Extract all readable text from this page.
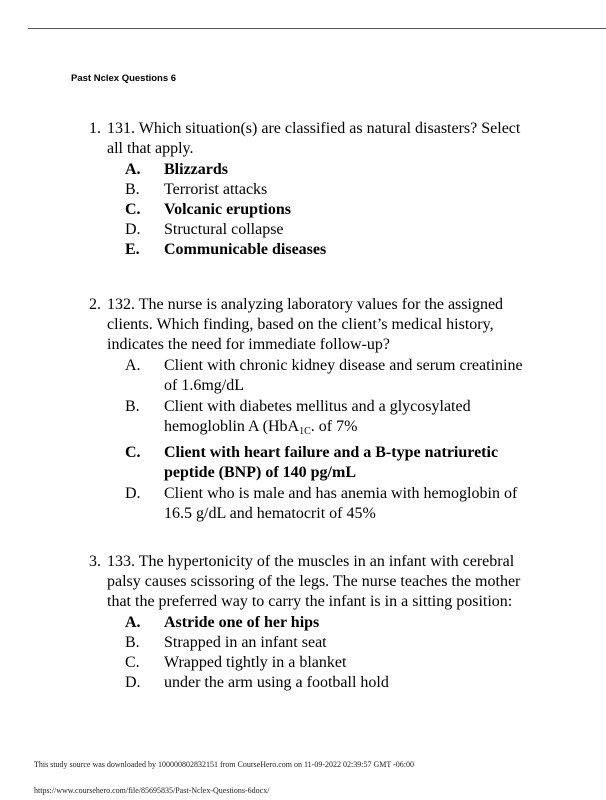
Past Nclex Questions 6
1. 131. Which situation(s) are classified as natural disasters? Select all that apply.
A.	Blizzards
B.	Terrorist attacks
C.	Volcanic eruptions
D.	Structural collapse
E.	Communicable diseases
2. 132. The nurse is analyzing laboratory values for the assigned clients. Which finding, based on the client’s medical history, indicates the need for immediate follow-up?
A.	Client with chronic kidney disease and serum creatinine of 1.6mg/dL
B.	Client with diabetes mellitus and a glycosylated hemogloblin A (HbA$_{1C}$. of 7%
C.	Client with heart failure and a B-type natriuretic peptide (BNP) of 140 pg/mL
D.	Client who is male and has anemia with hemoglobin of 16.5 g/dL and hematocrit of 45%
3. 133. The hypertonicity of the muscles in an infant with cerebral palsy causes scissoring of the legs. The nurse teaches the mother that the preferred way to carry the infant is in a sitting position:
A.	Astride one of her hips
B.	Strapped in an infant seat
C.	Wrapped tightly in a blanket
D.	under the arm using a football hold
This study source was downloaded by 100000802832151 from CourseHero.com on 11-09-2022 02:39:57 GMT -06:00
https://www.coursehero.com/file/85695835/Past-Nclex-Questions-6docx/
